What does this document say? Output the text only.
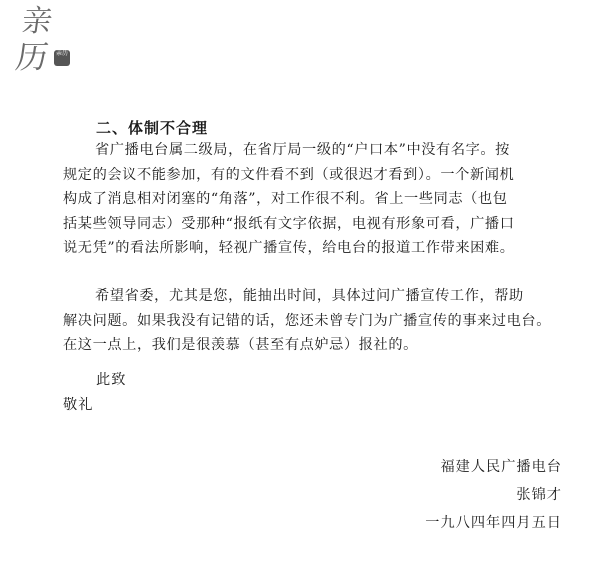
亲
历 亲历
二、体制不合理
省广播电台属二级局，在省厅局一级的“户口本”中没有名字。按
规定的会议不能参加，有的文件看不到（或很迟才看到）。一个新闻机
构成了消息相对闭塞的“角落”，对工作很不利。省上一些同志（也包
括某些领导同志）受那种“报纸有文字依据，电视有形象可看，广播口
说无凭”的看法所影响，轻视广播宣传，给电台的报道工作带来困难。
希望省委，尤其是您，能抽出时间，具体过问广播宣传工作，帮助
解决问题。如果我没有记错的话，您还未曾专门为广播宣传的事来过电台。
在这一点上，我们是很羡慕（甚至有点妒忌）报社的。
此致
敬礼
福建人民广播电台
张锦才
一九八四年四月五日
